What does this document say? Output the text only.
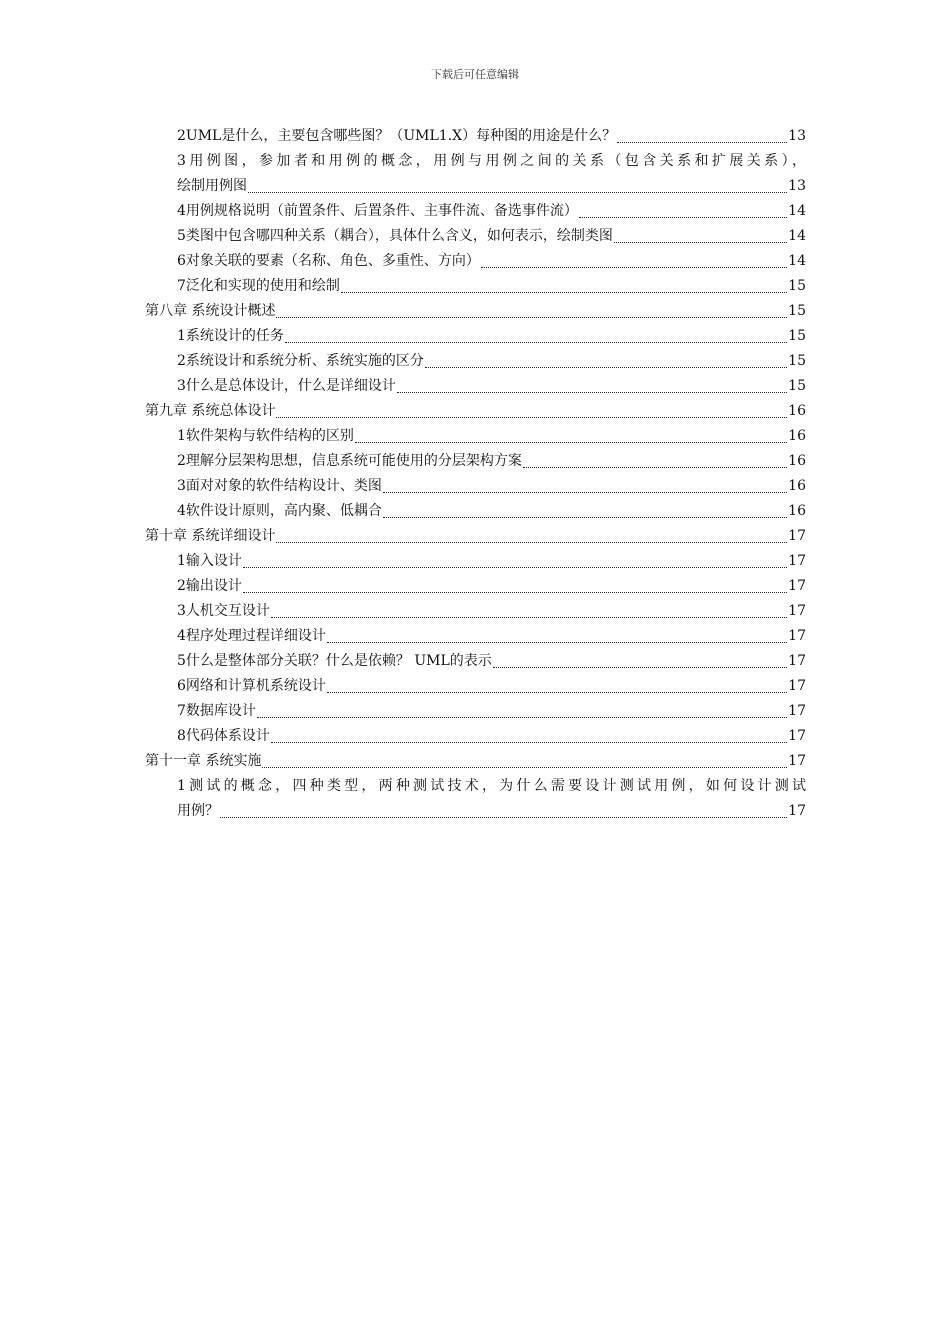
下载后可任意编辑
2UML是什么，主要包含哪些图？（UML1.X）每种图的用途是什么？	13
3用例图，参加者和用例的概念，用例与用例之间的关系（包含关系和扩展关系），
绘制用例图	13
4用例规格说明（前置条件、后置条件、主事件流、备选事件流）	14
5类图中包含哪四种关系（耦合），具体什么含义，如何表示，绘制类图	14
6对象关联的要素（名称、角色、多重性、方向）	14
7泛化和实现的使用和绘制	15
第八章 系统设计概述	15
1系统设计的任务	15
2系统设计和系统分析、系统实施的区分	15
3什么是总体设计，什么是详细设计	15
第九章 系统总体设计	16
1软件架构与软件结构的区别	16
2理解分层架构思想，信息系统可能使用的分层架构方案	16
3面对对象的软件结构设计、类图	16
4软件设计原则，高内聚、低耦合	16
第十章 系统详细设计	17
1输入设计	17
2输出设计	17
3人机交互设计	17
4程序处理过程详细设计	17
5什么是整体部分关联？什么是依赖？ UML的表示	17
6网络和计算机系统设计	17
7数据库设计	17
8代码体系设计	17
第十一章 系统实施	17
1测试的概念，四种类型，两种测试技术，为什么需要设计测试用例，如何设计测试
用例？	17
